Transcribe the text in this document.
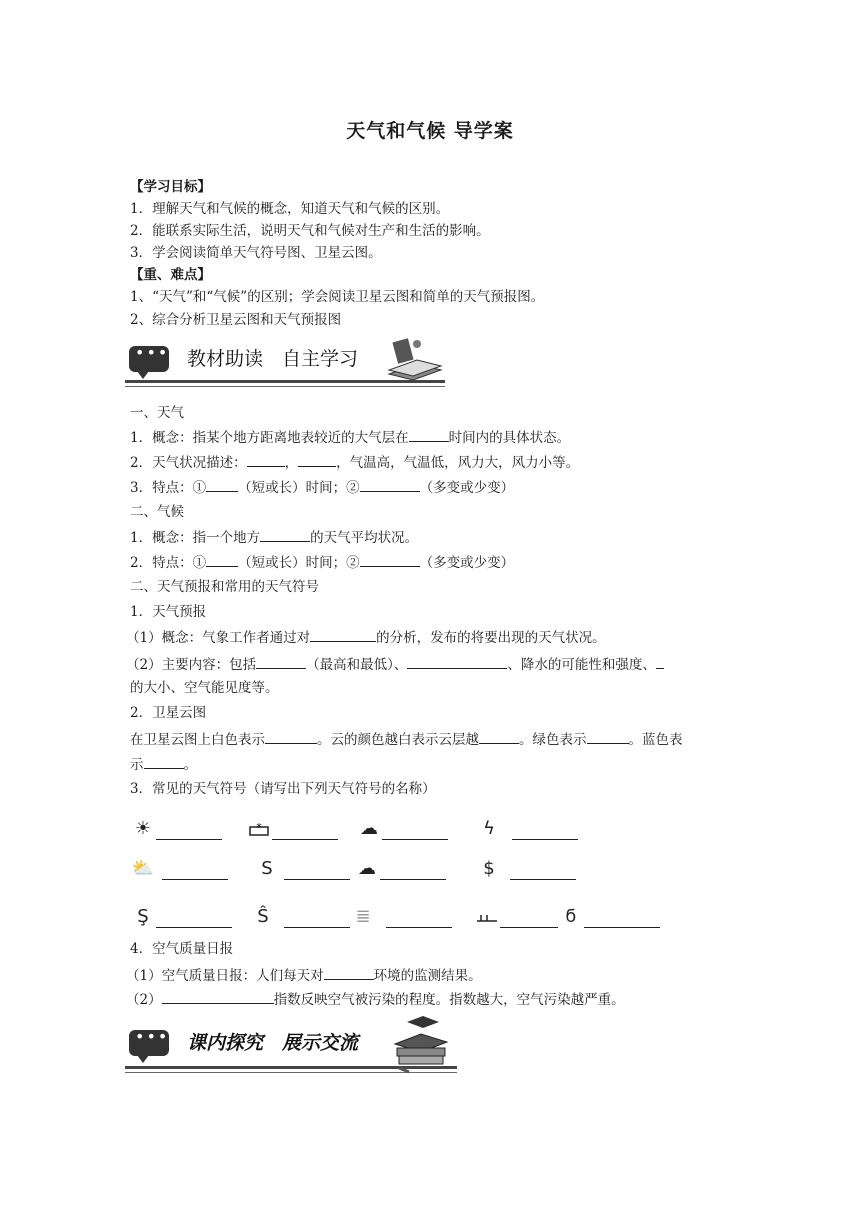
天气和气候 导学案
【学习目标】
1．理解天气和气候的概念，知道天气和气候的区别。
2．能联系实际生活，说明天气和气候对生产和生活的影响。
3．学会阅读简单天气符号图、卫星云图。
【重、难点】
1、“天气”和“气候”的区别；学会阅读卫星云图和简单的天气预报图。
2、综合分析卫星云图和天气预报图
••• 教材助读　自主学习
一、天气
1．概念：指某个地方距离地表较近的大气层在	时间内的具体状态。
2．天气状况描述：	，	，气温高，气温低，风力大，风力小等。
3．特点：① （短或长）时间；②	（多变或少变）
二、气候
1．概念：指一个地方	的天气平均状况。
2．特点：① （短或长）时间；②	（多变或少变）
二、天气预报和常用的天气符号
1．天气预报
（1）概念：气象工作者通过对	的分析，发布的将要出现的天气状况。
（2）主要内容：包括	（最高和最低）、	、降水的可能性和强度、
的大小、空气能见度等。
2．卫星云图
在卫星云图上白色表示	。云的颜色越白表示云层越	。绿色表示	。蓝色表
示	。
3．常见的天气符号（请写出下列天气符号的名称）
☀	*	☁	ϟ
⛅	S	☁	$
Ş	Ŝ	≣	ϭ
4．空气质量日报
（1）空气质量日报：人们每天对	环境的监测结果。
（2）	指数反映空气被污染的程度。指数越大，空气污染越严重。
••• 课内探究　展示交流
